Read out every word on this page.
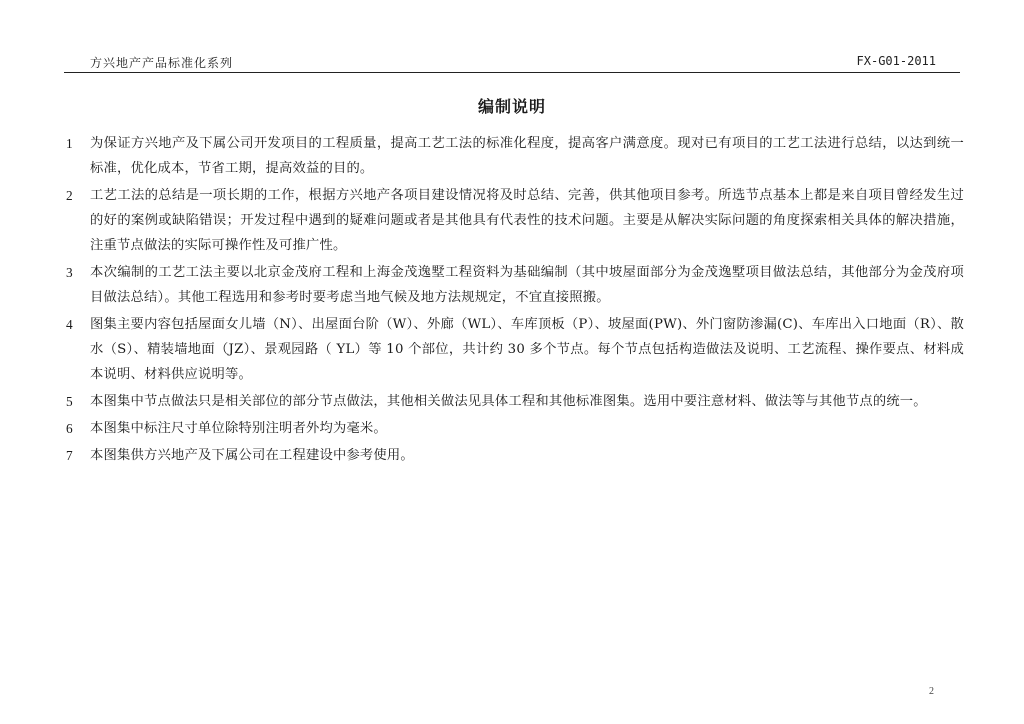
方兴地产产品标准化系列	FX-G01-2011
编制说明
1 为保证方兴地产及下属公司开发项目的工程质量，提高工艺工法的标准化程度，提高客户满意度。现对已有项目的工艺工法进行总结，以达到统一标准，优化成本，节省工期，提高效益的目的。
2 工艺工法的总结是一项长期的工作，根据方兴地产各项目建设情况将及时总结、完善，供其他项目参考。所选节点基本上都是来自项目曾经发生过的好的案例或缺陷错误；开发过程中遇到的疑难问题或者是其他具有代表性的技术问题。主要是从解决实际问题的角度探索相关具体的解决措施，注重节点做法的实际可操作性及可推广性。
3 本次编制的工艺工法主要以北京金茂府工程和上海金茂逸墅工程资料为基础编制（其中坡屋面部分为金茂逸墅项目做法总结，其他部分为金茂府项目做法总结）。其他工程选用和参考时要考虑当地气候及地方法规规定，不宜直接照搬。
4 图集主要内容包括屋面女儿墙（N）、出屋面台阶（W）、外廊（WL）、车库顶板（P）、坡屋面(PW)、外门窗防渗漏(C)、车库出入口地面（R）、散水（S）、精装墙地面（JZ）、景观园路（ YL）等 10 个部位，共计约 30 多个节点。每个节点包括构造做法及说明、工艺流程、操作要点、材料成本说明、材料供应说明等。
5 本图集中节点做法只是相关部位的部分节点做法，其他相关做法见具体工程和其他标准图集。选用中要注意材料、做法等与其他节点的统一。
6 本图集中标注尺寸单位除特别注明者外均为毫米。
7 本图集供方兴地产及下属公司在工程建设中参考使用。
2
